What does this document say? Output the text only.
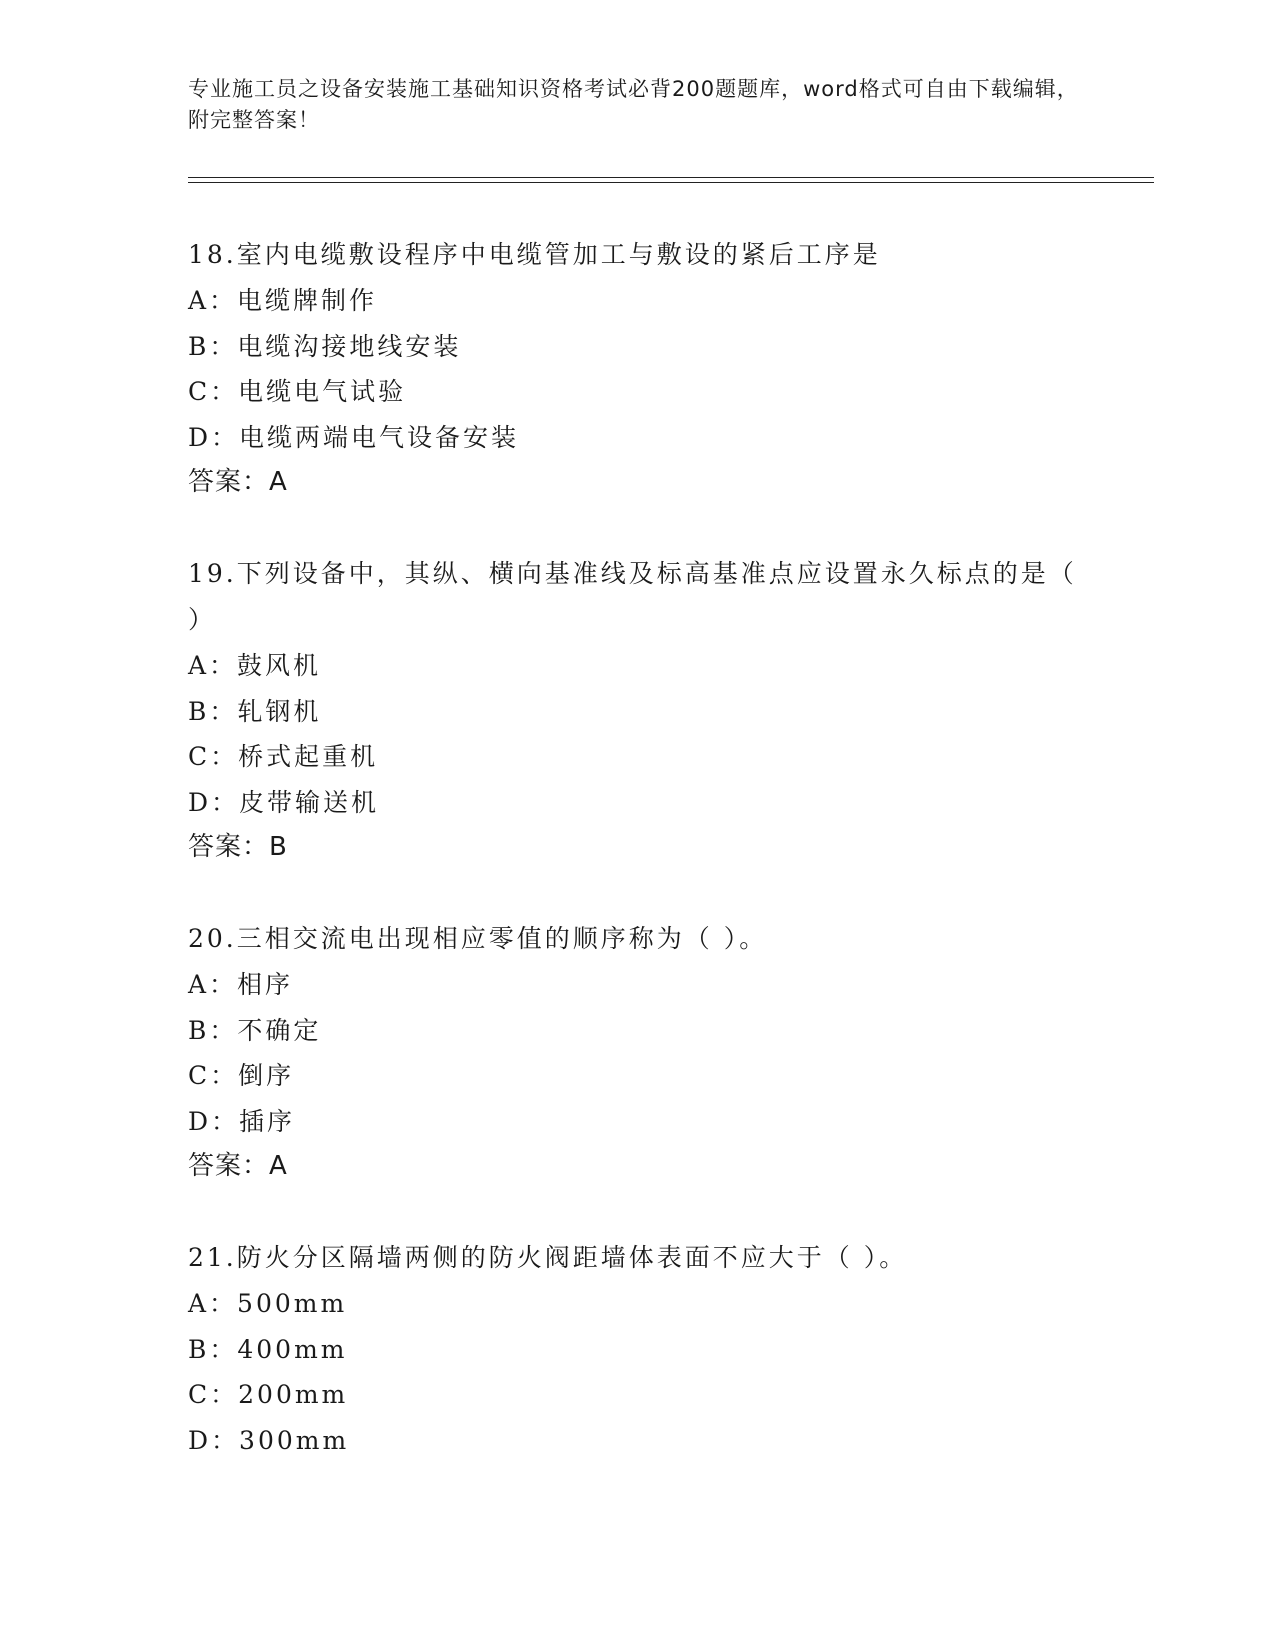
专业施工员之设备安装施工基础知识资格考试必背200题题库，word格式可自由下载编辑，附完整答案！
18.室内电缆敷设程序中电缆管加工与敷设的紧后工序是
A：电缆牌制作
B：电缆沟接地线安装
C：电缆电气试验
D：电缆两端电气设备安装
答案：A
19.下列设备中，其纵、横向基准线及标高基准点应设置永久标点的是（ ）
A：鼓风机
B：轧钢机
C：桥式起重机
D：皮带输送机
答案：B
20.三相交流电出现相应零值的顺序称为（ ）。
A：相序
B：不确定
C：倒序
D：插序
答案：A
21.防火分区隔墙两侧的防火阀距墙体表面不应大于（ ）。
A：500mm
B：400mm
C：200mm
D：300mm
